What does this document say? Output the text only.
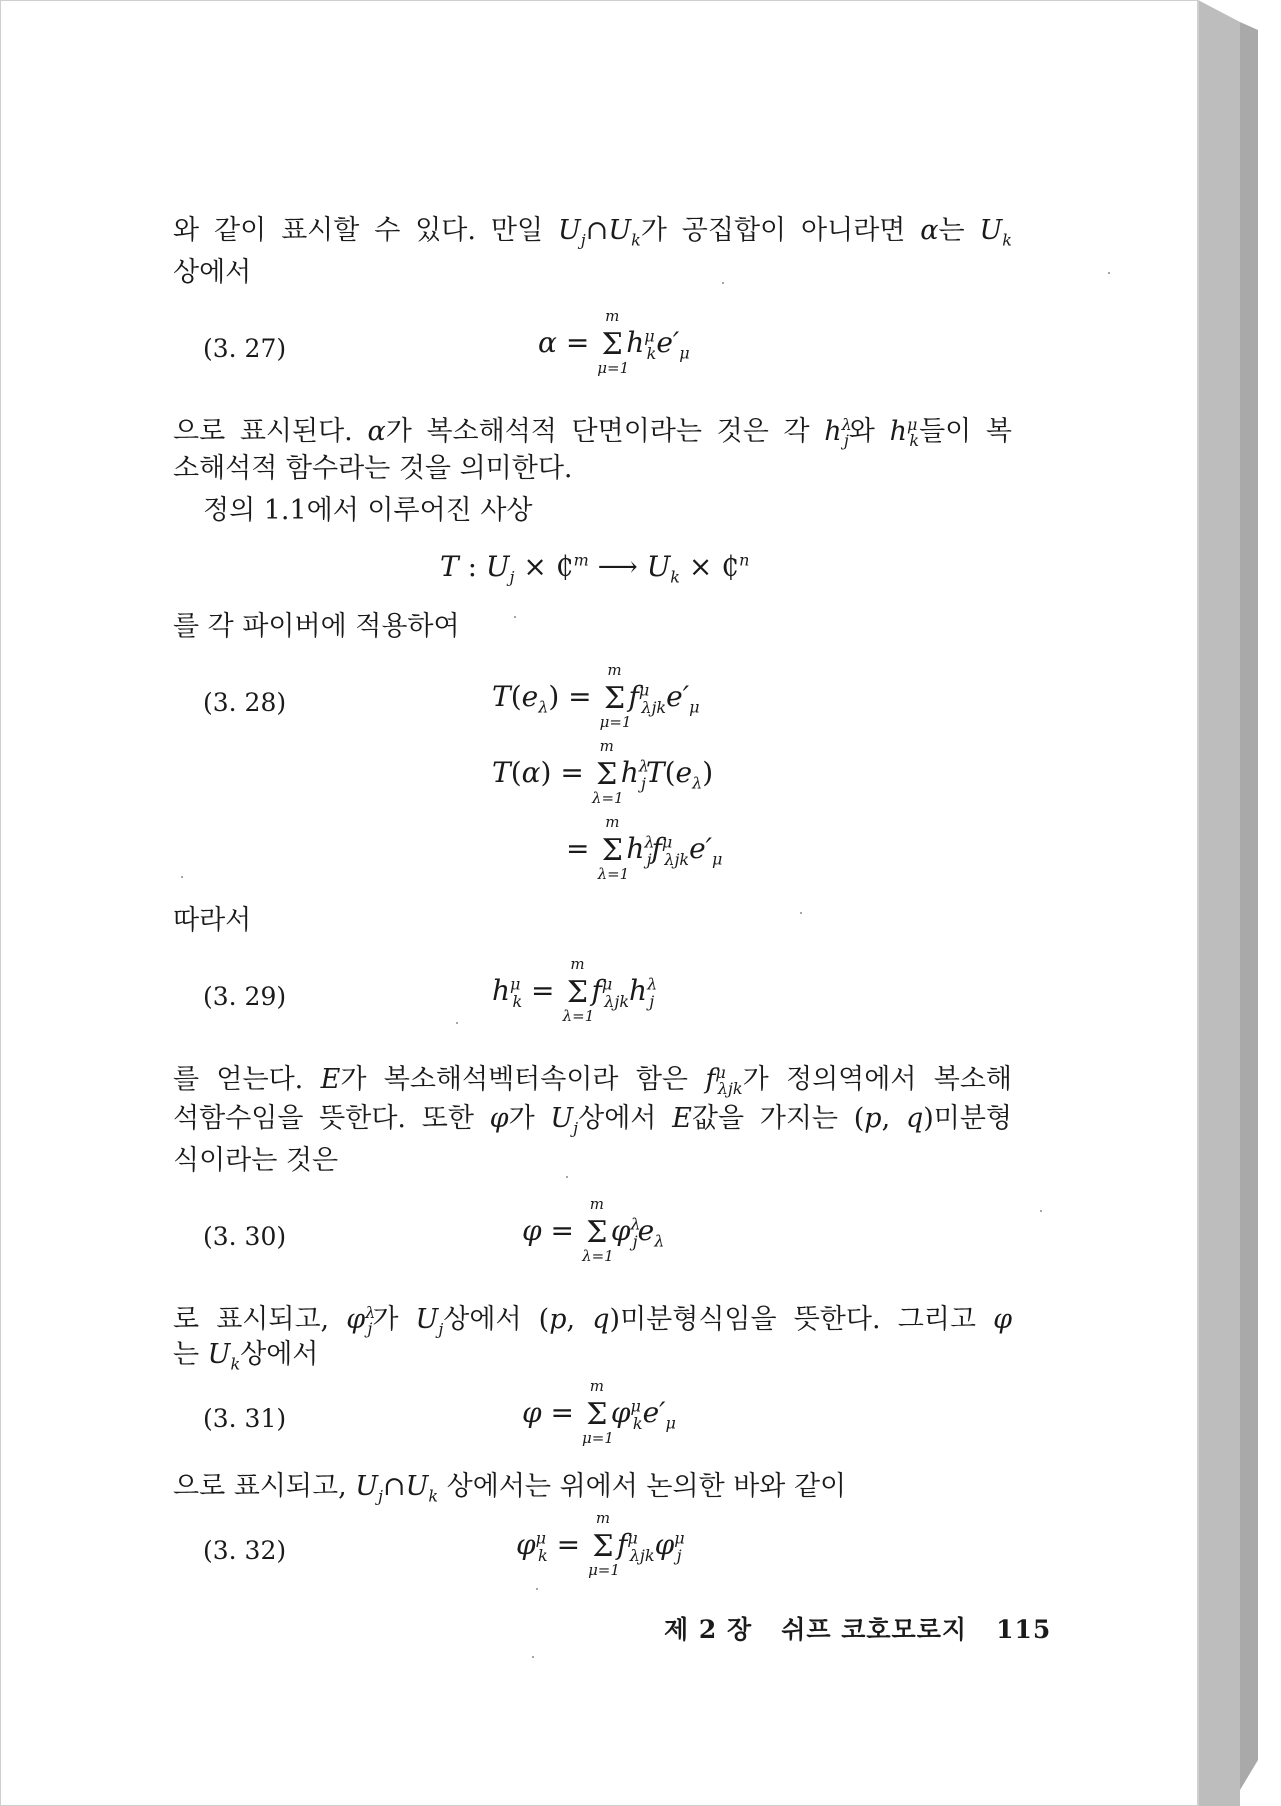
와 같이 표시할 수 있다. 만일 $U_j\cap U_k$가 공집합이 아니라면 α는 $U_k$
상에서
(3. 27)	α =
m
Σ
μ=1
$h^\mu_ke'_\mu$
으로 표시된다. α가 복소해석적 단면이라는 것은 각 $h^\lambda_j$와 $h^\mu_k$들이 복
소해석적 함수라는 것을 의미한다.
정의 1.1에서 이루어진 사상
T : $U_j$ × ₵$^m$ ⟶ $U_k$ × ₵$^n$
를 각 파이버에 적용하여
(3. 28)	$T(e_\lambda)$ =
m
Σ
μ=1
$f^\mu_{\lambda jk}e'_\mu$
T(α) =
m
Σ
λ=1
$h^\lambda_jT(e_\lambda)$
=
m
Σ
λ=1
$h^\lambda_jf^\mu_{\lambda jk}e'_\mu$
따라서
(3. 29)	$h^\mu_k$ =
m
Σ
λ=1
$f^\mu_{\lambda jk}h^\lambda_j$
를 얻는다. E가 복소해석벡터속이라 함은 $f^\mu_{\lambda jk}$가 정의역에서 복소해
석함수임을 뜻한다. 또한 φ가 $U_j$상에서 E값을 가지는 (p, q)미분형
식이라는 것은
(3. 30)	φ =
m
Σ
λ=1
$\varphi^\lambda_je_\lambda$
로 표시되고, $\varphi^\lambda_j$가 $U_j$상에서 (p, q)미분형식임을 뜻한다. 그리고 φ
는 $U_k$상에서
(3. 31)	φ =
m
Σ
μ=1
$\varphi^\mu_ke'_\mu$
으로 표시되고, $U_j\cap U_k$ 상에서는 위에서 논의한 바와 같이
(3. 32)	$\varphi^\mu_k$ =
m
Σ
μ=1
$f^\mu_{\lambda jk}\varphi^\mu_j$
제 2 장 쉬프 코호모로지 115
